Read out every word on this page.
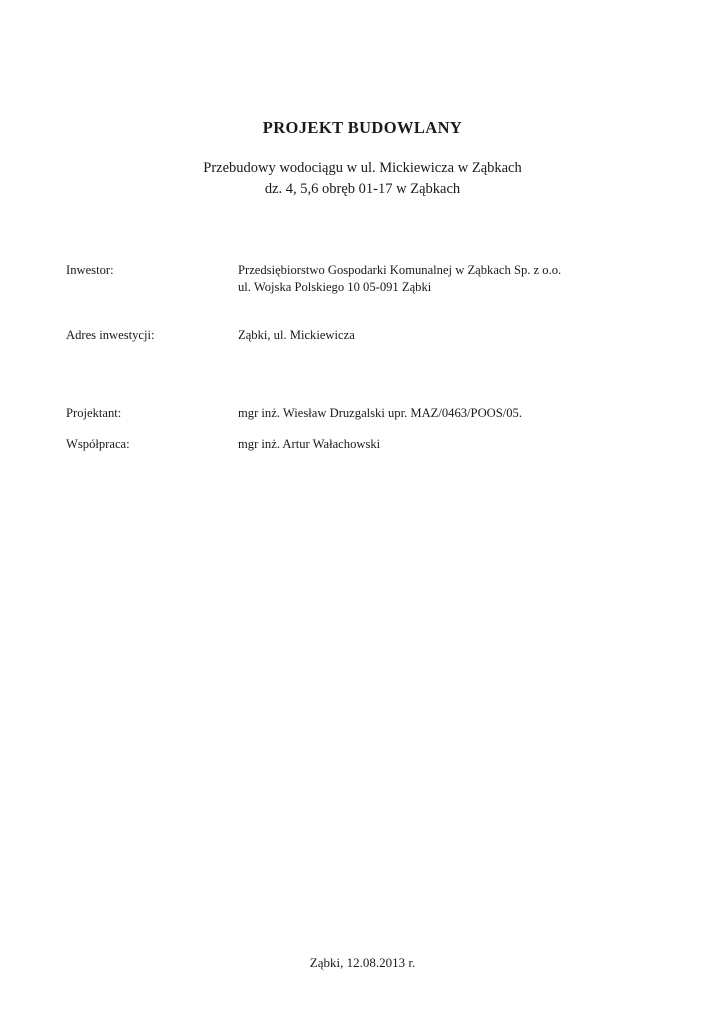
PROJEKT BUDOWLANY
Przebudowy wodociągu w ul. Mickiewicza w Ząbkach
dz. 4, 5,6 obręb 01-17 w Ząbkach
Inwestor:	Przedsiębiorstwo Gospodarki Komunalnej w Ząbkach Sp. z o.o.
ul. Wojska Polskiego 10 05-091 Ząbki
Adres inwestycji:	Ząbki, ul. Mickiewicza
Projektant:	mgr inż. Wiesław Druzgalski upr. MAZ/0463/POOS/05.
Współpraca:	mgr inż. Artur Wałachowski
Ząbki, 12.08.2013 r.
